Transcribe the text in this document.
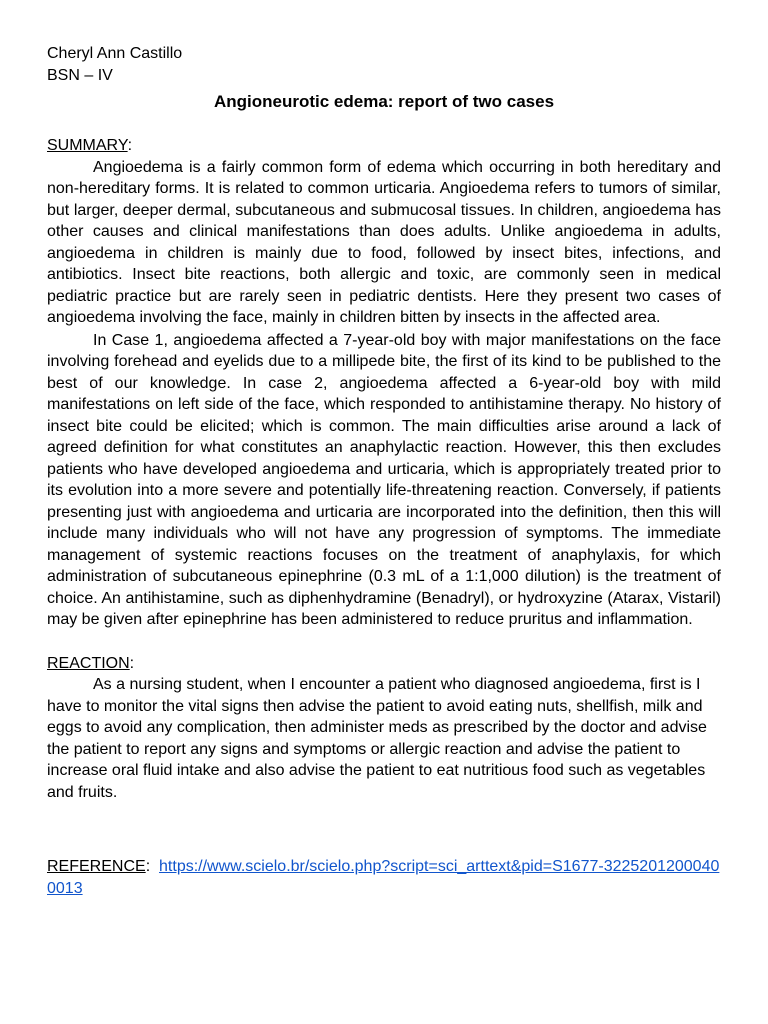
Cheryl Ann Castillo

BSN – IV

Angioneurotic edema: report of two cases

SUMMARY:

Angioedema is a fairly common form of edema which occurring in both hereditary and non-hereditary forms. It is related to common urticaria. Angioedema refers to tumors of similar, but larger, deeper dermal, subcutaneous and submucosal tissues. In children, angioedema has other causes and clinical manifestations than does adults. Unlike angioedema in adults, angioedema in children is mainly due to food, followed by insect bites, infections, and antibiotics. Insect bite reactions, both allergic and toxic, are commonly seen in medical pediatric practice but are rarely seen in pediatric dentists. Here they present two cases of angioedema involving the face, mainly in children bitten by insects in the affected area.

In Case 1, angioedema affected a 7-year-old boy with major manifestations on the face involving forehead and eyelids due to a millipede bite, the first of its kind to be published to the best of our knowledge. In case 2, angioedema affected a 6-year-old boy with mild manifestations on left side of the face, which responded to antihistamine therapy. No history of insect bite could be elicited; which is common. The main difficulties arise around a lack of agreed definition for what constitutes an anaphylactic reaction. However, this then excludes patients who have developed angioedema and urticaria, which is appropriately treated prior to its evolution into a more severe and potentially life-threatening reaction. Conversely, if patients presenting just with angioedema and urticaria are incorporated into the definition, then this will include many individuals who will not have any progression of symptoms. The immediate management of systemic reactions focuses on the treatment of anaphylaxis, for which administration of subcutaneous epinephrine (0.3 mL of a 1:1,000 dilution) is the treatment of choice. An antihistamine, such as diphenhydramine (Benadryl), or hydroxyzine (Atarax, Vistaril) may be given after epinephrine has been administered to reduce pruritus and inflammation.

REACTION:

As a nursing student, when I encounter a patient who diagnosed angioedema, first is I have to monitor the vital signs then advise the patient to avoid eating nuts, shellfish, milk and eggs to avoid any complication, then administer meds as prescribed by the doctor and advise the patient to report any signs and symptoms or allergic reaction and advise the patient to increase oral fluid intake and also advise the patient to eat nutritious food such as vegetables and fruits.

REFERENCE: https://www.scielo.br/scielo.php?script=sci_arttext&pid=S1677-3225201200040001​3
